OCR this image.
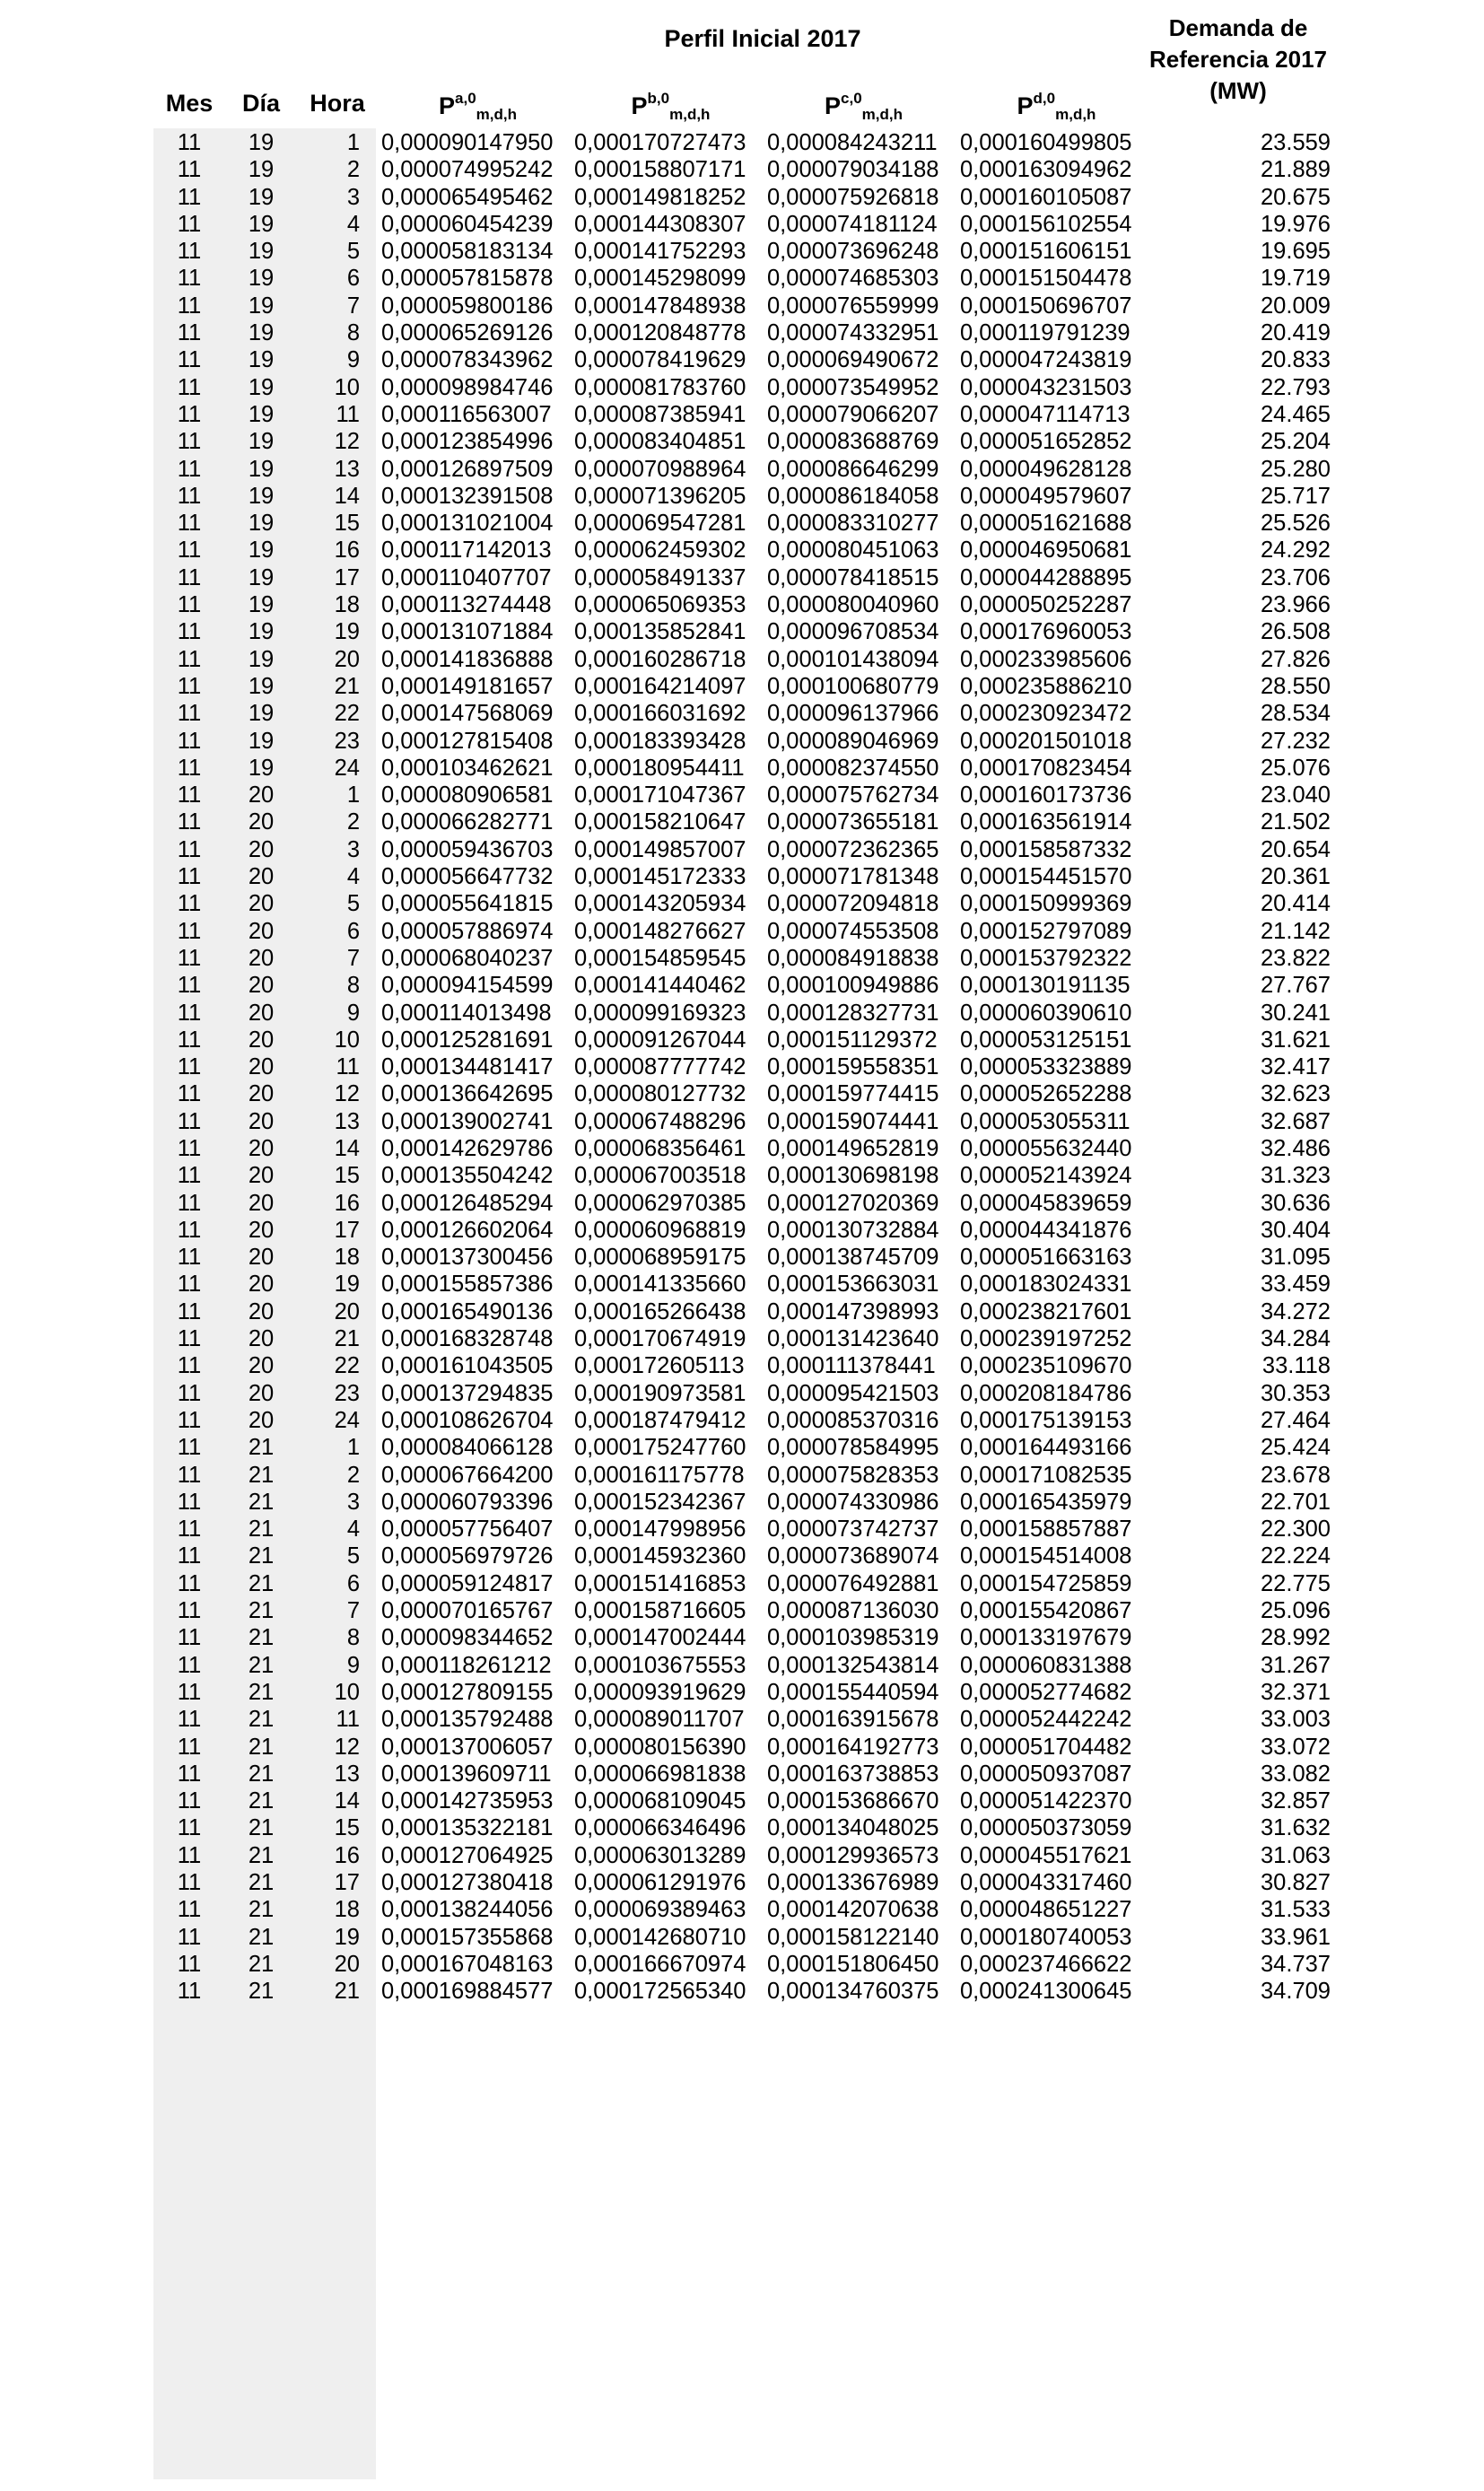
Perfil Inicial 2017	Demanda de
Referencia 2017
(MW)
Mes	Día	Hora	P$^{a,0}_{m,d,h}$	P$^{b,0}_{m,d,h}$	P$^{c,0}_{m,d,h}$	P$^{d,0}_{m,d,h}$
11	19	1 0,000090147950 0,000170727473 0,000084243211 0,000160499805	23.559
11	19	2 0,000074995242 0,000158807171 0,000079034188 0,000163094962	21.889
11	19	3 0,000065495462 0,000149818252 0,000075926818 0,000160105087	20.675
11	19	4 0,000060454239 0,000144308307 0,000074181124 0,000156102554	19.976
11	19	5 0,000058183134 0,000141752293 0,000073696248 0,000151606151	19.695
11	19	6 0,000057815878 0,000145298099 0,000074685303 0,000151504478	19.719
11	19	7 0,000059800186 0,000147848938 0,000076559999 0,000150696707	20.009
11	19	8 0,000065269126 0,000120848778 0,000074332951 0,000119791239	20.419
11	19	9 0,000078343962 0,000078419629 0,000069490672 0,000047243819	20.833
11	19	10 0,000098984746 0,000081783760 0,000073549952 0,000043231503	22.793
11	19	11 0,000116563007 0,000087385941 0,000079066207 0,000047114713	24.465
11	19	12 0,000123854996 0,000083404851 0,000083688769 0,000051652852	25.204
11	19	13 0,000126897509 0,000070988964 0,000086646299 0,000049628128	25.280
11	19	14 0,000132391508 0,000071396205 0,000086184058 0,000049579607	25.717
11	19	15 0,000131021004 0,000069547281 0,000083310277 0,000051621688	25.526
11	19	16 0,000117142013 0,000062459302 0,000080451063 0,000046950681	24.292
11	19	17 0,000110407707 0,000058491337 0,000078418515 0,000044288895	23.706
11	19	18 0,000113274448 0,000065069353 0,000080040960 0,000050252287	23.966
11	19	19 0,000131071884 0,000135852841 0,000096708534 0,000176960053	26.508
11	19	20 0,000141836888 0,000160286718 0,000101438094 0,000233985606	27.826
11	19	21 0,000149181657 0,000164214097 0,000100680779 0,000235886210	28.550
11	19	22 0,000147568069 0,000166031692 0,000096137966 0,000230923472	28.534
11	19	23 0,000127815408 0,000183393428 0,000089046969 0,000201501018	27.232
11	19	24 0,000103462621 0,000180954411 0,000082374550 0,000170823454	25.076
11	20	1 0,000080906581 0,000171047367 0,000075762734 0,000160173736	23.040
11	20	2 0,000066282771 0,000158210647 0,000073655181 0,000163561914	21.502
11	20	3 0,000059436703 0,000149857007 0,000072362365 0,000158587332	20.654
11	20	4 0,000056647732 0,000145172333 0,000071781348 0,000154451570	20.361
11	20	5 0,000055641815 0,000143205934 0,000072094818 0,000150999369	20.414
11	20	6 0,000057886974 0,000148276627 0,000074553508 0,000152797089	21.142
11	20	7 0,000068040237 0,000154859545 0,000084918838 0,000153792322	23.822
11	20	8 0,000094154599 0,000141440462 0,000100949886 0,000130191135	27.767
11	20	9 0,000114013498 0,000099169323 0,000128327731 0,000060390610	30.241
11	20	10 0,000125281691 0,000091267044 0,000151129372 0,000053125151	31.621
11	20	11 0,000134481417 0,000087777742 0,000159558351 0,000053323889	32.417
11	20	12 0,000136642695 0,000080127732 0,000159774415 0,000052652288	32.623
11	20	13 0,000139002741 0,000067488296 0,000159074441 0,000053055311	32.687
11	20	14 0,000142629786 0,000068356461 0,000149652819 0,000055632440	32.486
11	20	15 0,000135504242 0,000067003518 0,000130698198 0,000052143924	31.323
11	20	16 0,000126485294 0,000062970385 0,000127020369 0,000045839659	30.636
11	20	17 0,000126602064 0,000060968819 0,000130732884 0,000044341876	30.404
11	20	18 0,000137300456 0,000068959175 0,000138745709 0,000051663163	31.095
11	20	19 0,000155857386 0,000141335660 0,000153663031 0,000183024331	33.459
11	20	20 0,000165490136 0,000165266438 0,000147398993 0,000238217601	34.272
11	20	21 0,000168328748 0,000170674919 0,000131423640 0,000239197252	34.284
11	20	22 0,000161043505 0,000172605113 0,000111378441	0,000235109670	33.118
11	20	23 0,000137294835 0,000190973581 0,000095421503 0,000208184786	30.353
11	20	24 0,000108626704 0,000187479412 0,000085370316 0,000175139153	27.464
11	21	1 0,000084066128 0,000175247760 0,000078584995 0,000164493166	25.424
11	21	2 0,000067664200 0,000161175778 0,000075828353 0,000171082535	23.678
11	21	3 0,000060793396 0,000152342367 0,000074330986 0,000165435979	22.701
11	21	4 0,000057756407 0,000147998956 0,000073742737 0,000158857887	22.300
11	21	5 0,000056979726 0,000145932360 0,000073689074 0,000154514008	22.224
11	21	6 0,000059124817 0,000151416853 0,000076492881 0,000154725859	22.775
11	21	7 0,000070165767 0,000158716605 0,000087136030 0,000155420867	25.096
11	21	8 0,000098344652 0,000147002444 0,000103985319 0,000133197679	28.992
11	21	9 0,000118261212 0,000103675553 0,000132543814 0,000060831388	31.267
11	21	10 0,000127809155 0,000093919629 0,000155440594 0,000052774682	32.371
11	21	11 0,000135792488 0,000089011707 0,000163915678 0,000052442242	33.003
11	21	12 0,000137006057 0,000080156390 0,000164192773 0,000051704482	33.072
11	21	13 0,000139609711 0,000066981838 0,000163738853 0,000050937087	33.082
11	21	14 0,000142735953 0,000068109045 0,000153686670 0,000051422370	32.857
11	21	15 0,000135322181 0,000066346496 0,000134048025 0,000050373059	31.632
11	21	16 0,000127064925 0,000063013289 0,000129936573 0,000045517621	31.063
11	21	17 0,000127380418 0,000061291976 0,000133676989 0,000043317460	30.827
11	21	18 0,000138244056 0,000069389463 0,000142070638 0,000048651227	31.533
11	21	19 0,000157355868 0,000142680710 0,000158122140 0,000180740053	33.961
11	21	20 0,000167048163 0,000166670974 0,000151806450 0,000237466622	34.737
11	21	21 0,000169884577 0,000172565340 0,000134760375 0,000241300645	34.709
